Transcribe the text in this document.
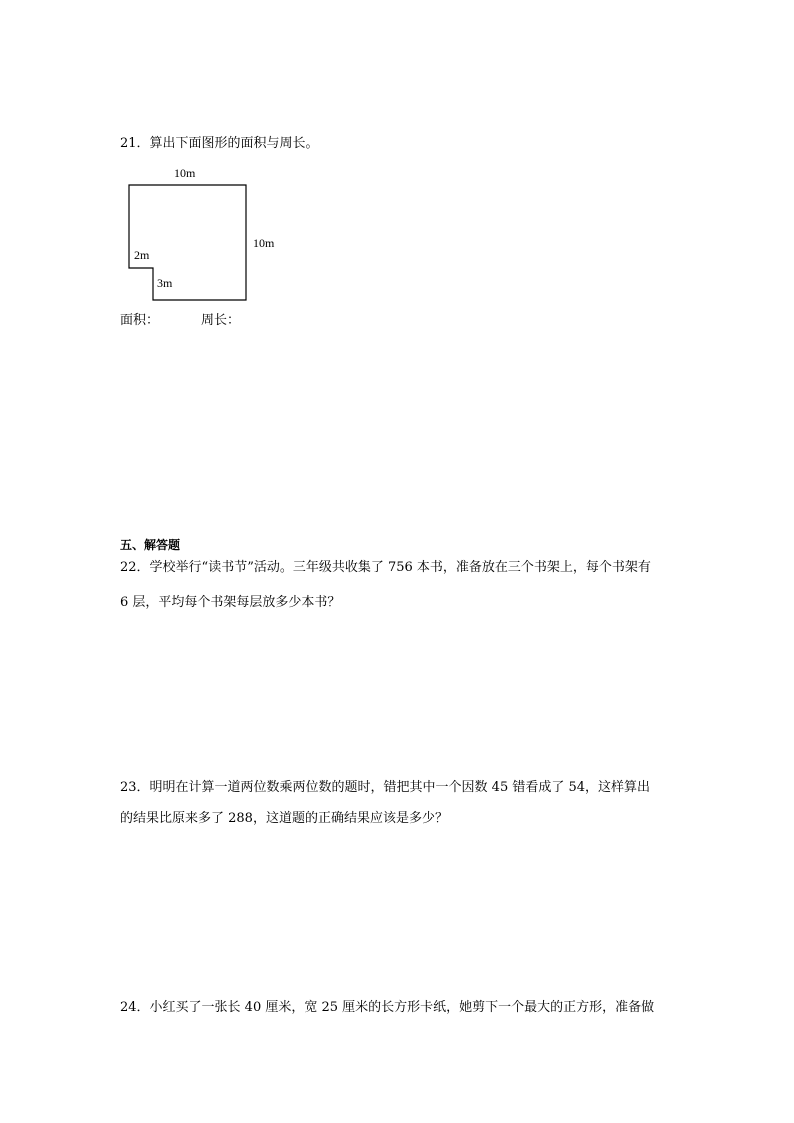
21．算出下面图形的面积与周长。
10m
10m
2m
3m
面积：	周长：
五、解答题
22．学校举行“读书节”活动。三年级共收集了 756 本书，准备放在三个书架上，每个书架有
6 层，平均每个书架每层放多少本书？
23．明明在计算一道两位数乘两位数的题时，错把其中一个因数 45 错看成了 54，这样算出
的结果比原来多了 288，这道题的正确结果应该是多少？
24．小红买了一张长 40 厘米，宽 25 厘米的长方形卡纸，她剪下一个最大的正方形，准备做
